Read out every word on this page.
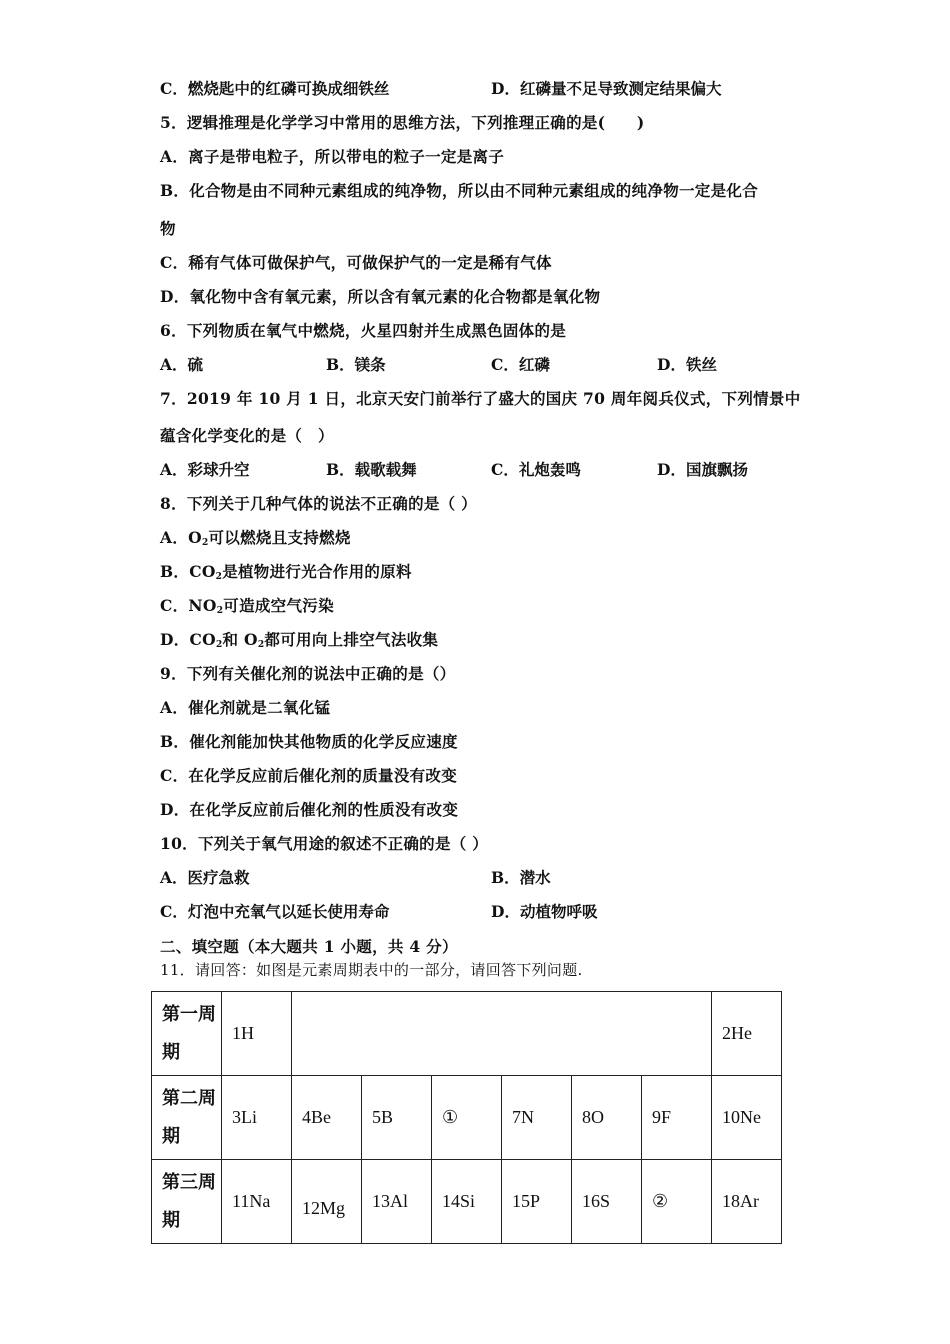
C．燃烧匙中的红磷可换成细铁丝	D．红磷量不足导致测定结果偏大
5．逻辑推理是化学学习中常用的思维方法，下列推理正确的是(　　)
A．离子是带电粒子，所以带电的粒子一定是离子
B．化合物是由不同种元素组成的纯净物，所以由不同种元素组成的纯净物一定是化合
物
C．稀有气体可做保护气，可做保护气的一定是稀有气体
D．氧化物中含有氧元素，所以含有氧元素的化合物都是氧化物
6．下列物质在氧气中燃烧，火星四射并生成黑色固体的是
A．硫	B．镁条	C．红磷	D．铁丝
7．2019 年 10 月 1 日，北京天安门前举行了盛大的国庆 70 周年阅兵仪式，下列情景中
蕴含化学变化的是（　）
A．彩球升空	B．载歌载舞	C．礼炮轰鸣	D．国旗飘扬
8．下列关于几种气体的说法不正确的是（ ）
A．$O_2$可以燃烧且支持燃烧
B．$CO_2$是植物进行光合作用的原料
C．$NO_2$可造成空气污染
D．$CO_2$和 $O_2$都可用向上排空气法收集
9．下列有关催化剂的说法中正确的是（）
A．催化剂就是二氧化锰
B．催化剂能加快其他物质的化学反应速度
C．在化学反应前后催化剂的质量没有改变
D．在化学反应前后催化剂的性质没有改变
10．下列关于氧气用途的叙述不正确的是（ ）
A．医疗急救	B．潜水
C．灯泡中充氧气以延长使用寿命	D．动植物呼吸
二、填空题（本大题共 1 小题，共 4 分）
11．请回答：如图是元素周期表中的一部分，请回答下列问题.
第一周
期	1H							2He
第二周
期	3Li	4Be	5B	①	7N	8O	9F	10Ne
第三周
期	11Na	12Mg	13Al	14Si	15P	16S	②	18Ar
